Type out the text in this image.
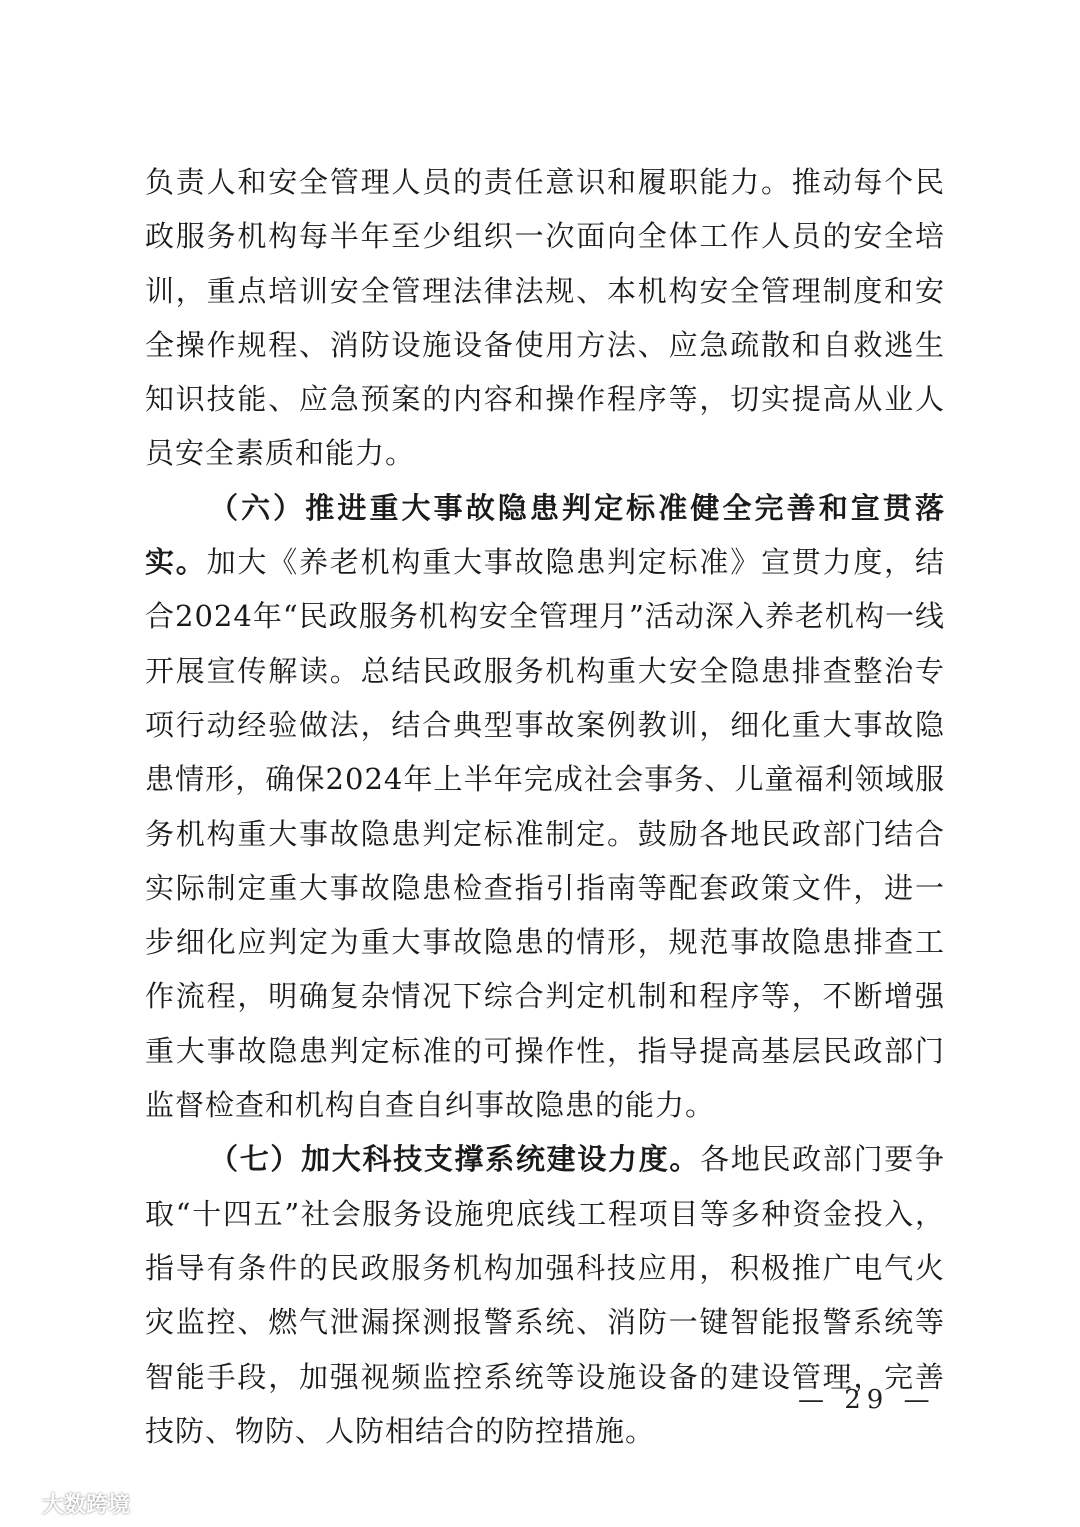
负责人和安全管理人员的责任意识和履职能力。推动每个民政服务机构每半年至少组织一次面向全体工作人员的安全培训，重点培训安全管理法律法规、本机构安全管理制度和安全操作规程、消防设施设备使用方法、应急疏散和自救逃生知识技能、应急预案的内容和操作程序等，切实提高从业人员安全素质和能力。

（六）推进重大事故隐患判定标准健全完善和宣贯落实。加大《养老机构重大事故隐患判定标准》宣贯力度，结合2024年“民政服务机构安全管理月”活动深入养老机构一线开展宣传解读。总结民政服务机构重大安全隐患排查整治专项行动经验做法，结合典型事故案例教训，细化重大事故隐患情形，确保2024年上半年完成社会事务、儿童福利领域服务机构重大事故隐患判定标准制定。鼓励各地民政部门结合实际制定重大事故隐患检查指引指南等配套政策文件，进一步细化应判定为重大事故隐患的情形，规范事故隐患排查工作流程，明确复杂情况下综合判定机制和程序等，不断增强重大事故隐患判定标准的可操作性，指导提高基层民政部门监督检查和机构自查自纠事故隐患的能力。

（七）加大科技支撑系统建设力度。各地民政部门要争取“十四五”社会服务设施兜底线工程项目等多种资金投入，指导有条件的民政服务机构加强科技应用，积极推广电气火灾监控、燃气泄漏探测报警系统、消防一键智能报警系统等智能手段，加强视频监控系统等设施设备的建设管理，完善技防、物防、人防相结合的防控措施。

— 29 —
大数跨境
